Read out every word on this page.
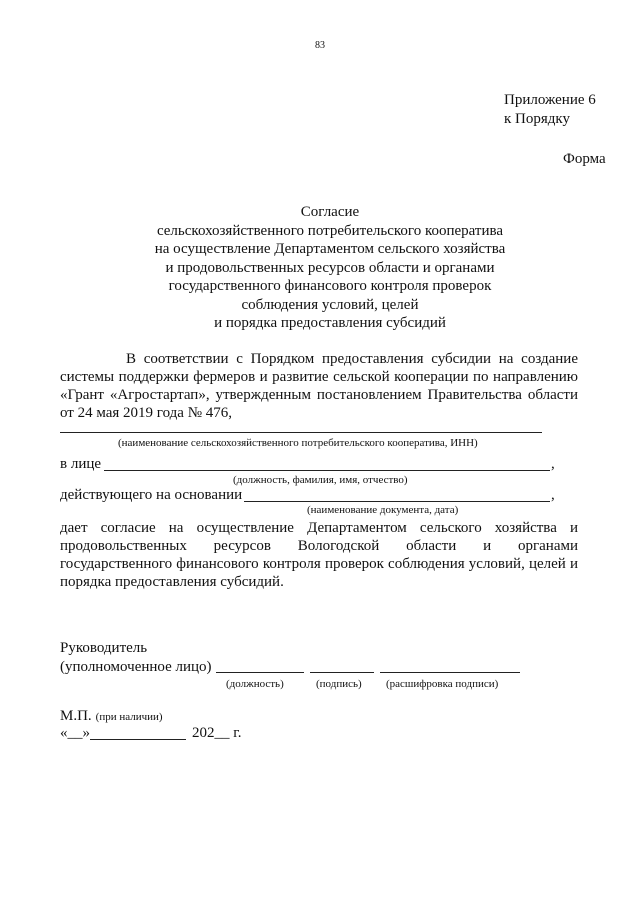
83
Приложение 6
к Порядку
Форма
Согласие
сельскохозяйственного потребительского кооператива
на осуществление Департаментом сельского хозяйства
и продовольственных ресурсов области и органами
государственного финансового контроля проверок
соблюдения условий, целей
и порядка предоставления субсидий
В соответствии с Порядком предоставления субсидии на создание системы поддержки фермеров и развитие сельской кооперации по направлению «Грант «Агростартап», утвержденным постановлением Правительства области от 24 мая 2019 года № 476,
(наименование сельскохозяйственного потребительского кооператива, ИНН)
в лице	,
(должность, фамилия, имя, отчество)
действующего на основании	,
(наименование документа, дата)
дает согласие на осуществление Департаментом сельского хозяйства и продовольственных ресурсов Вологодской области и органами государственного финансового контроля проверок соблюдения условий, целей и порядка предоставления субсидий.
Руководитель
(уполномоченное лицо)
(должность)	(подпись) (расшифровка подписи)
М.П. (при наличии)
«__»	202__ г.
